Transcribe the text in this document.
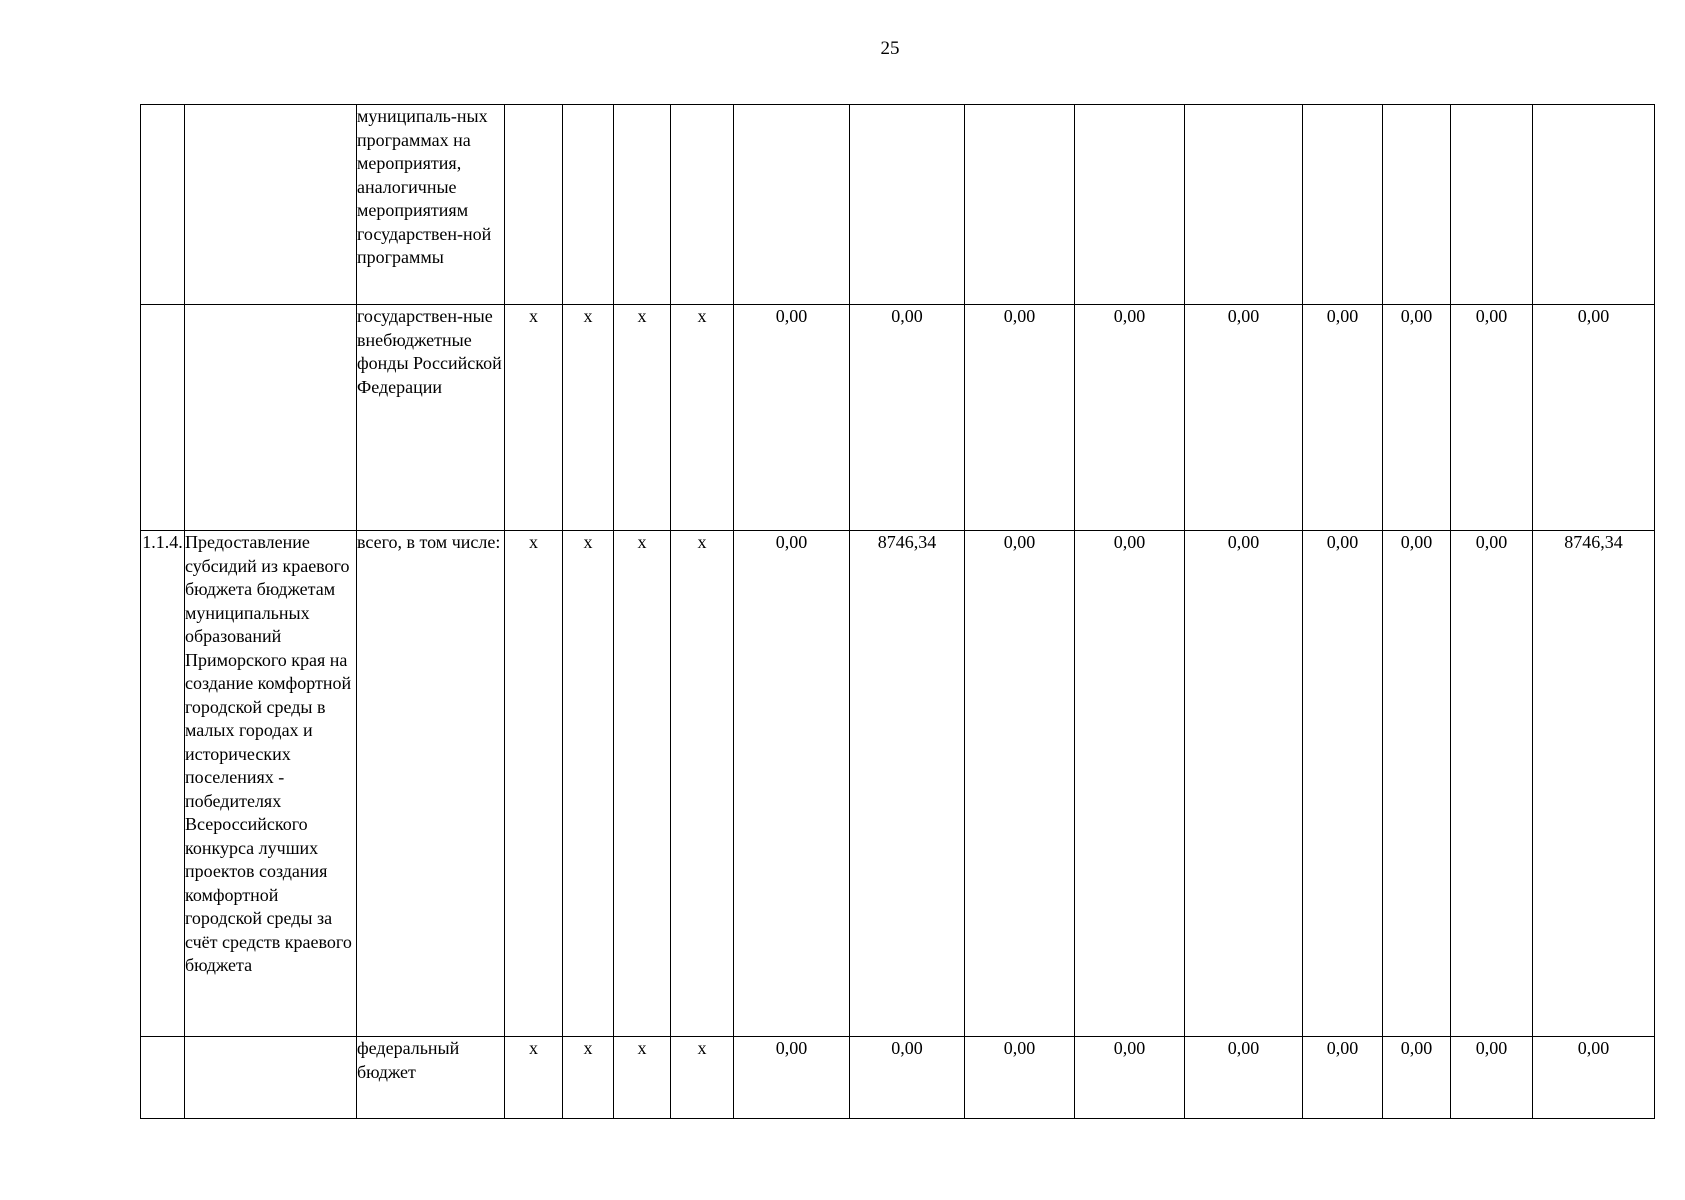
25
		муниципаль-ных программах на мероприятия, аналогичные мероприятиям государствен-ной программы													
		государствен-ные внебюджетные фонды Российской Федерации	х	х	х	х	0,00	0,00	0,00	0,00	0,00	0,00	0,00	0,00	0,00
1.1.4.	Предоставление субсидий из краевого бюджета бюджетам муниципальных образований Приморского края на создание комфортной городской среды в малых городах и исторических поселениях - победителях Всероссийского конкурса лучших проектов создания комфортной городской среды за счёт средств краевого бюджета	всего, в том числе:	х	х	х	х	0,00	8746,34	0,00	0,00	0,00	0,00	0,00	0,00	8746,34
		федеральный бюджет	х	х	х	х	0,00	0,00	0,00	0,00	0,00	0,00	0,00	0,00	0,00
